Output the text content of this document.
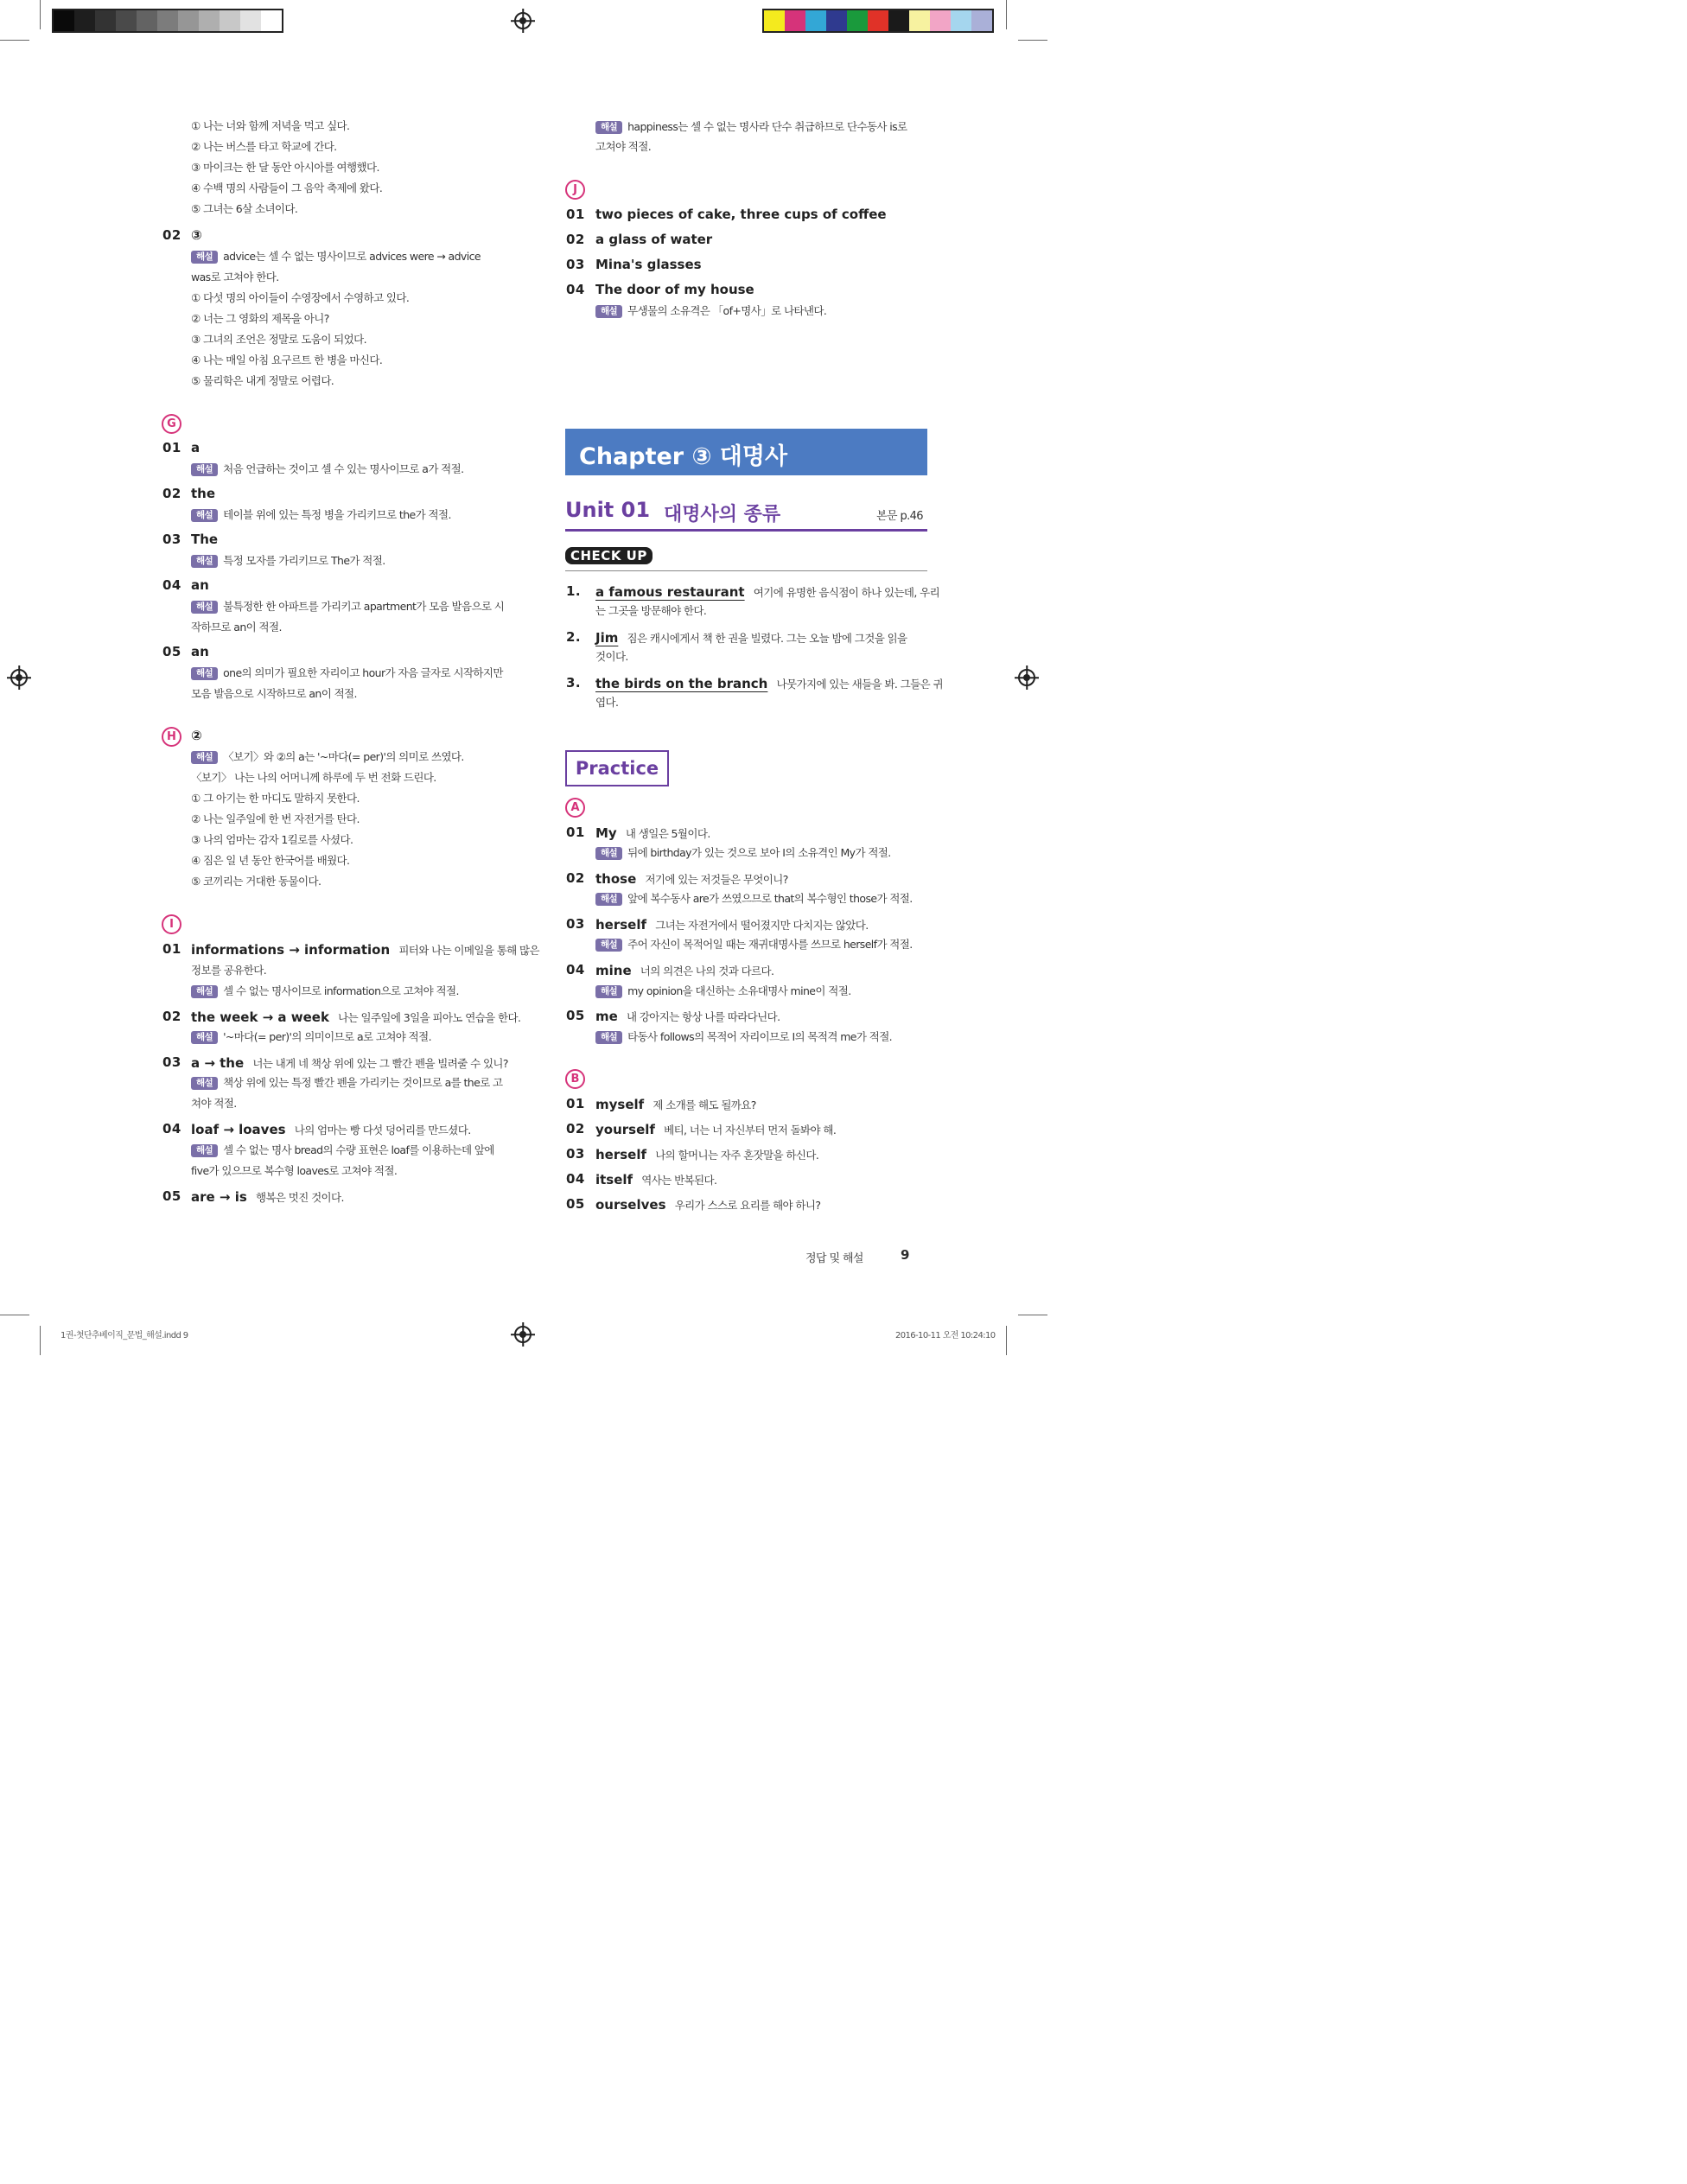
1권-첫단추베이직_문법_해설.indd 9	2016-10-11 오전 10:24:10
① 나는 너와 함께 저녁을 먹고 싶다.
② 나는 버스를 타고 학교에 간다.
③ 마이크는 한 달 동안 아시아를 여행했다.
④ 수백 명의 사람들이 그 음악 축제에 왔다.
⑤ 그녀는 6살 소녀이다.
02 ③
해설 advice는 셀 수 없는 명사이므로 advices were → advice
was로 고쳐야 한다.
① 다섯 명의 아이들이 수영장에서 수영하고 있다.
② 너는 그 영화의 제목을 아니?
③ 그녀의 조언은 정말로 도움이 되었다.
④ 나는 매일 아침 요구르트 한 병을 마신다.
⑤ 물리학은 내게 정말로 어렵다.
G
01 a
해설 처음 언급하는 것이고 셀 수 있는 명사이므로 a가 적절.
02 the
해설 테이블 위에 있는 특정 병을 가리키므로 the가 적절.
03 The
해설 특정 모자를 가리키므로 The가 적절.
04 an
해설 불특정한 한 아파트를 가리키고 apartment가 모음 발음으로 시
작하므로 an이 적절.
05 an
해설 one의 의미가 필요한 자리이고 hour가 자음 글자로 시작하지만
모음 발음으로 시작하므로 an이 적절.
H	②
해설 〈보기〉와 ②의 a는 '~마다(= per)'의 의미로 쓰였다.
〈보기〉 나는 나의 어머니께 하루에 두 번 전화 드린다.
① 그 아기는 한 마디도 말하지 못한다.
② 나는 일주일에 한 번 자전거를 탄다.
③ 나의 엄마는 감자 1킬로를 사셨다.
④ 짐은 일 년 동안 한국어를 배웠다.
⑤ 코끼리는 거대한 동물이다.
I
01 informations → information 피터와 나는 이메일을 통해 많은
정보를 공유한다.
해설 셀 수 없는 명사이므로 information으로 고쳐야 적절.
02 the week → a week 나는 일주일에 3일을 피아노 연습을 한다.
해설 '~마다(= per)'의 의미이므로 a로 고쳐야 적절.
03 a → the 너는 내게 네 책상 위에 있는 그 빨간 펜을 빌려줄 수 있니?
해설 책상 위에 있는 특정 빨간 펜을 가리키는 것이므로 a를 the로 고
쳐야 적절.
04 loaf → loaves 나의 엄마는 빵 다섯 덩어리를 만드셨다.
해설 셀 수 없는 명사 bread의 수량 표현은 loaf를 이용하는데 앞에
five가 있으므로 복수형 loaves로 고쳐야 적절.
05 are → is 행복은 멋진 것이다.
해설 happiness는 셀 수 없는 명사라 단수 취급하므로 단수동사 is로
고쳐야 적절.
J
01 two pieces of cake, three cups of coffee
02 a glass of water
03 Mina's glasses
04 The door of my house
해설 무생물의 소유격은 「of+명사」로 나타낸다.
Chapter ③ 대명사
Unit 01 대명사의 종류	본문 p.46
CHECK UP
1. a famous restaurant 여기에 유명한 음식점이 하나 있는데, 우리
는 그곳을 방문해야 한다.
2. Jim 짐은 캐시에게서 책 한 권을 빌렸다. 그는 오늘 밤에 그것을 읽을
것이다.
3. the birds on the branch 나뭇가지에 있는 새들을 봐. 그들은 귀
엽다.
Practice
A
01 My 내 생일은 5월이다.
해설 뒤에 birthday가 있는 것으로 보아 I의 소유격인 My가 적절.
02 those 저기에 있는 저것들은 무엇이니?
해설 앞에 복수동사 are가 쓰였으므로 that의 복수형인 those가 적절.
03 herself 그녀는 자전거에서 떨어졌지만 다치지는 않았다.
해설 주어 자신이 목적어일 때는 재귀대명사를 쓰므로 herself가 적절.
04 mine 너의 의견은 나의 것과 다르다.
해설 my opinion을 대신하는 소유대명사 mine이 적절.
05 me 내 강아지는 항상 나를 따라다닌다.
해설 타동사 follows의 목적어 자리이므로 I의 목적격 me가 적절.
B
01 myself 제 소개를 해도 될까요?
02 yourself 베티, 너는 너 자신부터 먼저 돌봐야 해.
03 herself 나의 할머니는 자주 혼잣말을 하신다.
04 itself 역사는 반복된다.
05 ourselves 우리가 스스로 요리를 해야 하니?
정답 및 해설	9
